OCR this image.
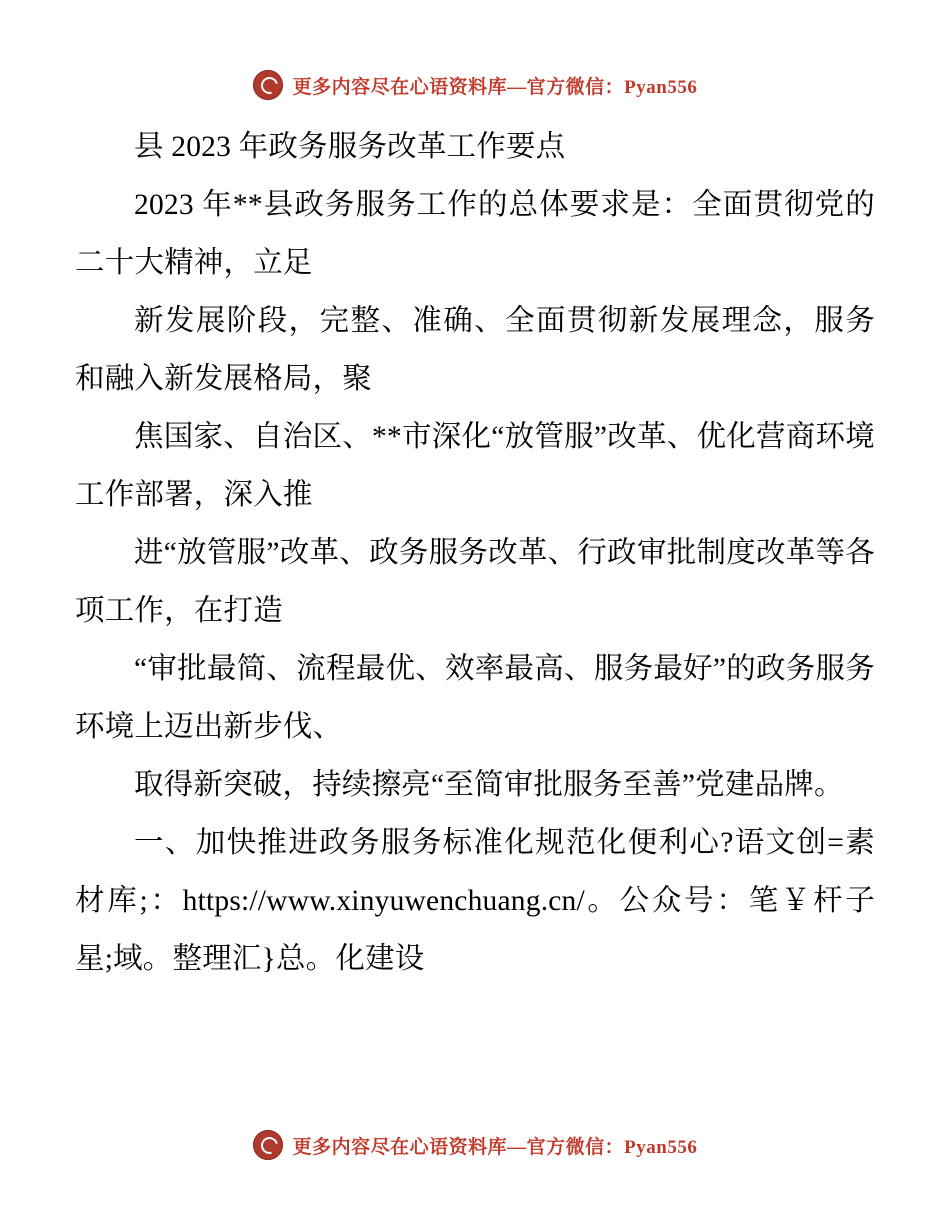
更多内容尽在心语资料库—官方微信：Pyan556

县 2023 年政务服务改革工作要点

2023 年**县政务服务工作的总体要求是：全面贯彻党的二十大精神，立足

新发展阶段，完整、准确、全面贯彻新发展理念，服务和融入新发展格局，聚

焦国家、自治区、**市深化“放管服”改革、优化营商环境工作部署，深入推

进“放管服”改革、政务服务改革、行政审批制度改革等各项工作，在打造

“审批最简、流程最优、效率最高、服务最好”的政务服务环境上迈出新步伐、

取得新突破，持续擦亮“至简审批服务至善”党建品牌。

一、加快推进政务服务标准化规范化便利心?语文创=素材库;：https://www.xinyuwenchuang.cn/。公众号：笔￥杆子星;域。整理汇}总。化建设

更多内容尽在心语资料库—官方微信：Pyan556
